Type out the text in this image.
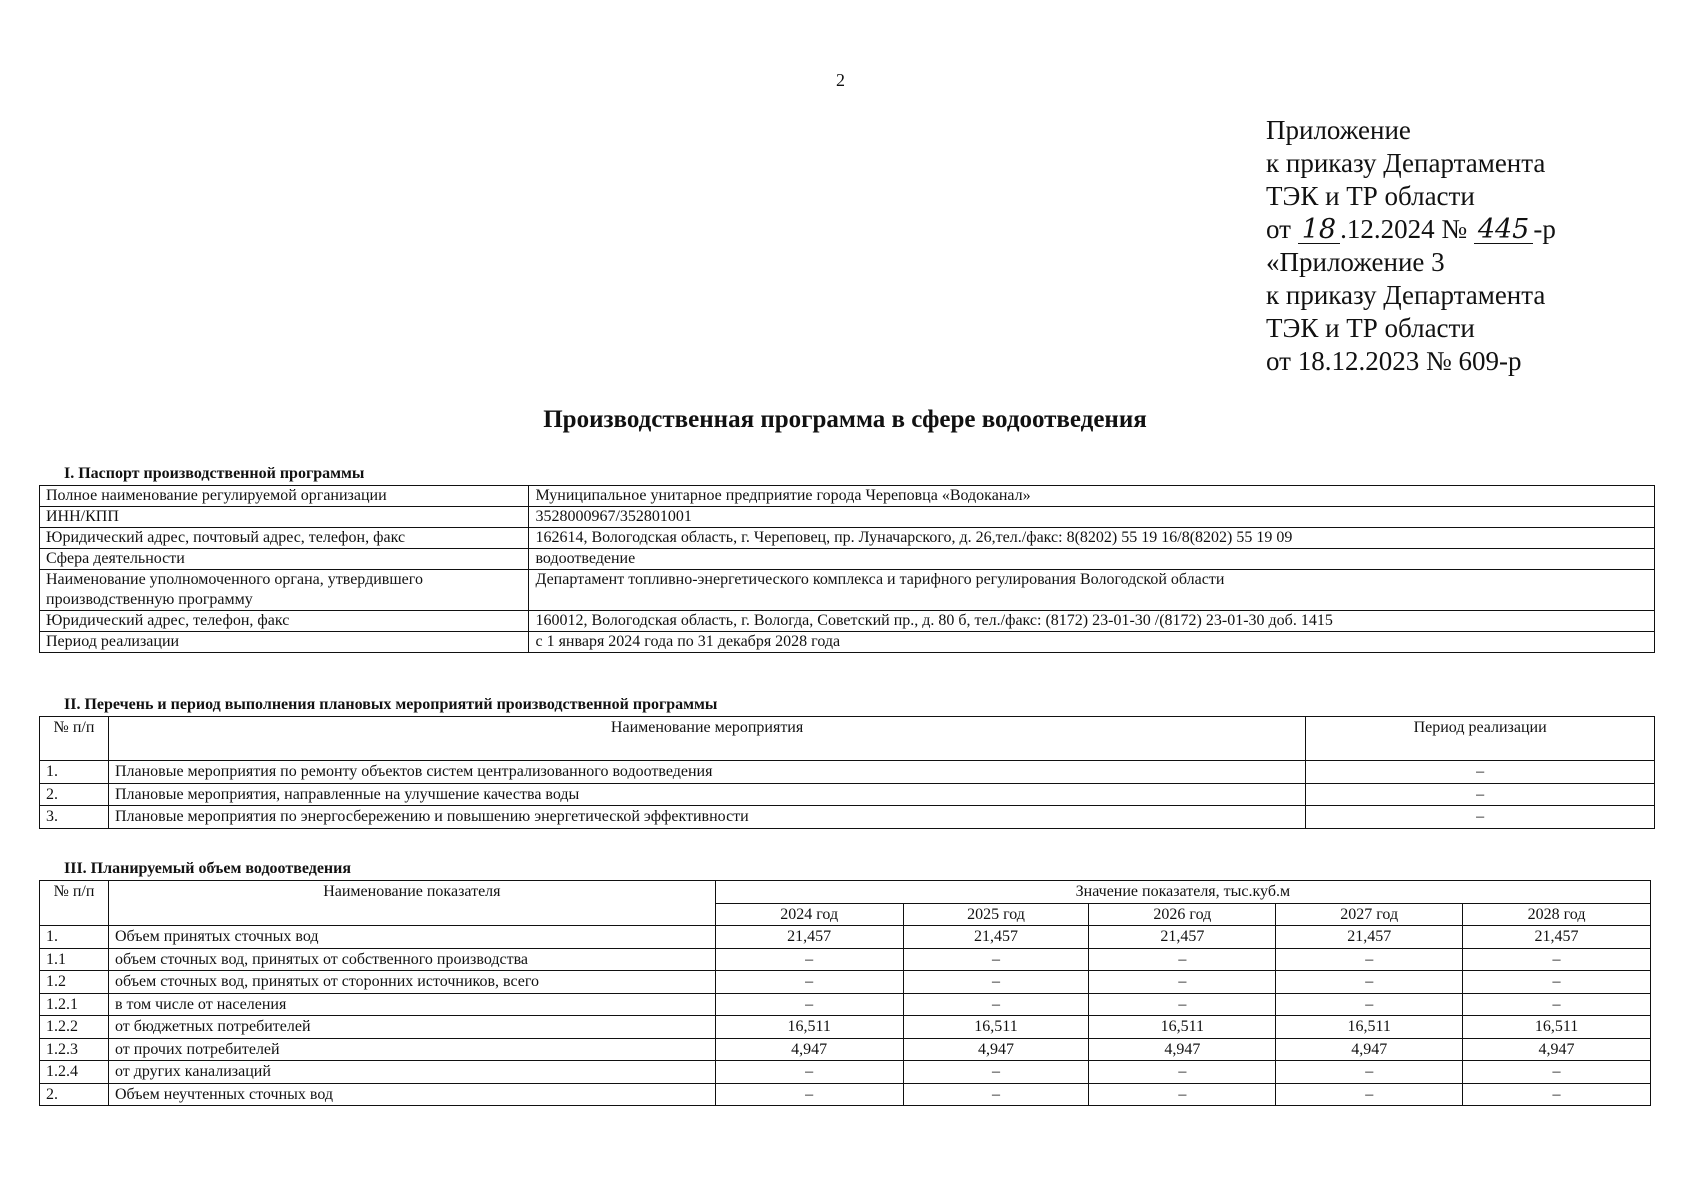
2
Приложение
к приказу Департамента
ТЭК и ТР области
от 18 .12.2024 № 445 -р
«Приложение 3
к приказу Департамента
ТЭК и ТР области
от 18.12.2023 № 609-р
Производственная программа в сфере водоотведения
I. Паспорт производственной программы
Полное наименование регулируемой организации	Муниципальное унитарное предприятие города Череповца «Водоканал»
ИНН/КПП	3528000967/352801001
Юридический адрес, почтовый адрес, телефон, факс	162614, Вологодская область, г. Череповец, пр. Луначарского, д. 26,тел./факс: 8(8202) 55 19 16/8(8202) 55 19 09
Сфера деятельности	водоотведение
Наименование уполномоченного органа, утвердившего производственную программу	Департамент топливно-энергетического комплекса и тарифного регулирования Вологодской области
Юридический адрес, телефон, факс	160012, Вологодская область, г. Вологда, Советский пр., д. 80 б, тел./факс: (8172) 23-01-30 /(8172) 23-01-30 доб. 1415
Период реализации	с 1 января 2024 года по 31 декабря 2028 года
II. Перечень и период выполнения плановых мероприятий производственной программы
№ п/п	Наименование мероприятия	Период реализации
1.	Плановые мероприятия по ремонту объектов систем централизованного водоотведения	–
2.	Плановые мероприятия, направленные на улучшение качества воды	–
3.	Плановые мероприятия по энергосбережению и повышению энергетической эффективности	–
III. Планируемый объем водоотведения
№ п/п	Наименование показателя	Значение показателя, тыс.куб.м				
		2024 год	2025 год	2026 год	2027 год	2028 год
1.	Объем принятых сточных вод	21,457	21,457	21,457	21,457	21,457
1.1	объем сточных вод, принятых от собственного производства	–	–	–	–	–
1.2	объем сточных вод, принятых от сторонних источников, всего	–	–	–	–	–
1.2.1	в том числе от населения	–	–	–	–	–
1.2.2	от бюджетных потребителей	16,511	16,511	16,511	16,511	16,511
1.2.3	от прочих потребителей	4,947	4,947	4,947	4,947	4,947
1.2.4	от других канализаций	–	–	–	–	–
2.	Объем неучтенных сточных вод	–	–	–	–	–
